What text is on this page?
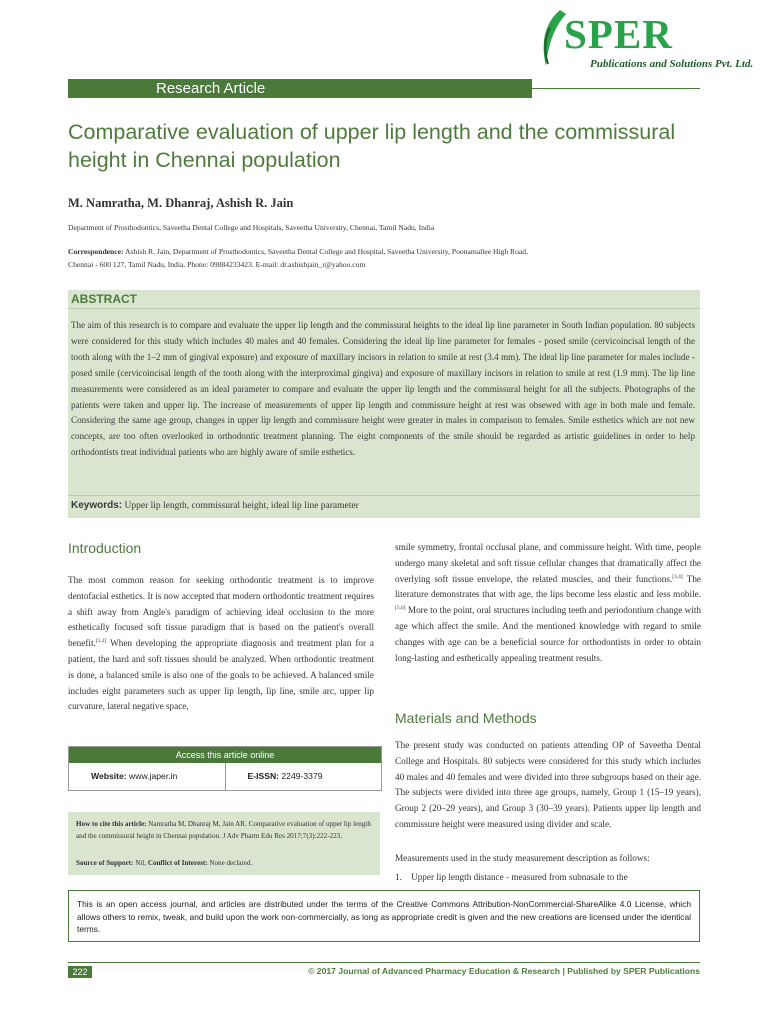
SPER
Publications and Solutions Pvt. Ltd.
Research Article
Comparative evaluation of upper lip length and the commissural height in Chennai population

M. Namratha, M. Dhanraj, Ashish R. Jain

Department of Prosthodontics, Saveetha Dental College and Hospitals, Saveetha University, Chennai, Tamil Nadu, India

Correspondence: Ashish R. Jain, Department of Prosthodontics, Saveetha Dental College and Hospital, Saveetha University, Poonamallee High Road,
Chennai - 600 127, Tamil Nadu, India. Phone: 09884233423. E-mail: dr.ashishjain_r@yahoo.com

ABSTRACT

The aim of this research is to compare and evaluate the upper lip length and the commissural heights to the ideal lip line parameter in South Indian population. 80 subjects were considered for this study which includes 40 males and 40 females. Considering the ideal lip line parameter for females - posed smile (cervicoincisal length of the tooth along with the 1–2 mm of gingival exposure) and exposure of maxillary incisors in relation to smile at rest (3.4 mm). The ideal lip line parameter for males include - posed smile (cervicoincisal length of the tooth along with the interproximal gingiva) and exposure of maxillary incisors in relation to smile at rest (1.9 mm). The lip line measurements were considered as an ideal parameter to compare and evaluate the upper lip length and the commissural height for all the subjects. Photographs of the patients were taken and upper lip. The increase of measurements of upper lip length and commissure height at rest was obsewed with age in both male and female. Considering the same age group, changes in upper lip length and commissure height were greater in males in comparison to females. Smile esthetics which are not new concepts, are too often overlooked in orthodontic treatment planning. The eight components of the smile should be regarded as artistic guidelines in order to help orthodontists treat individual patients who are highly aware of smile esthetics.

Keywords: Upper lip length, commissural height, ideal lip line parameter
Introduction

The most common reason for seeking orthodontic treatment is to improve dentofacial esthetics. It is now accepted that modern orthodontic treatment requires a shift away from Angle's paradigm of achieving ideal occlusion to the more esthetically focused soft tissue paradigm that is based on the patient's overall benefit.[1,2] When developing the appropriate diagnosis and treatment plan for a patient, the hard and soft tissues should be analyzed. When orthodontic treatment is done, a balanced smile is also one of the goals to be achieved. A balanced smile includes eight parameters such as upper lip length, lip line, smile arc, upper lip curvature, lateral negative space,

smile symmetry, frontal occlusal plane, and commissure height. With time, people undergo many skeletal and soft tissue cellular changes that dramatically affect the overlying soft tissue envelope, the related muscles, and their functions.[3,4] The literature demonstrates that with age, the lips become less elastic and less mobile.[5,6] More to the point, oral structures including teeth and periodontium change with age which affect the smile. And the mentioned knowledge with regard to smile changes with age can be a beneficial source for orthodontists in order to obtain long-lasting and esthetically appealing treatment results.

Materials and Methods

The present study was conducted on patients attending OP of Saveetha Dental College and Hospitals. 80 subjects were considered for this study which includes 40 males and 40 females and were divided into three subgroups based on their age. The subjects were divided into three age groups, namely, Group 1 (15–19 years), Group 2 (20–29 years), and Group 3 (30–39 years). Patients upper lip length and commissure height were measured using divider and scale.

Measurements used in the study measurement description as follows:

1. Upper lip length distance - measured from subnasale to the

Access this article online
Website: www.japer.in	E-ISSN: 2249-3379

How to cite this article: Namratha M, Dhanraj M, Jain AR. Comparative evaluation of upper lip length and the commissural height in Chennai population. J Adv Pharm Edu Res 2017;7(3):222-223.

Source of Support: Nil, Conflict of Interest: None declared.

This is an open access journal, and articles are distributed under the terms of the Creative Commons Attribution-NonCommercial-ShareAlike 4.0 License, which allows others to remix, tweak, and build upon the work non-commercially, as long as appropriate credit is given and the new creations are licensed under the identical terms.

222	© 2017 Journal of Advanced Pharmacy Education & Research | Published by SPER Publications
